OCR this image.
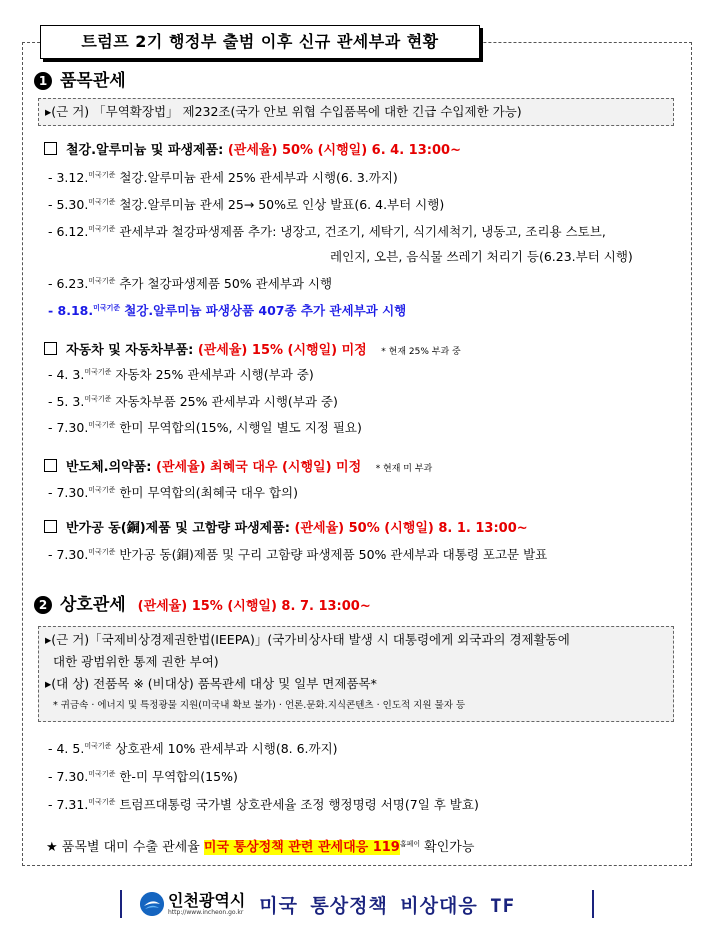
트럼프 2기 행정부 출범 이후 신규 관세부과 현황
1 품목관세
▸(근 거) 「무역확장법」 제232조(국가 안보 위협 수입품목에 대한 긴급 수입제한 가능)
철강.알루미늄 및 파생제품: (관세율) 50% (시행일) 6. 4. 13:00~
- 3.12.$^{미국기준}$ 철강.알루미늄 관세 25% 관세부과 시행(6. 3.까지)
- 5.30.$^{미국기준}$ 철강.알루미늄 관세 25→ 50%로 인상 발표(6. 4.부터 시행)
- 6.12.$^{미국기준}$ 관세부과 철강파생제품 추가: 냉장고, 건조기, 세탁기, 식기세척기, 냉동고, 조리용 스토브,
레인지, 오븐, 음식물 쓰레기 처리기 등(6.23.부터 시행)
- 6.23.$^{미국기준}$ 추가 철강파생제품 50% 관세부과 시행
- 8.18.$^{미국기준}$ 철강.알루미늄 파생상품 407종 추가 관세부과 시행
자동차 및 자동차부품: (관세율) 15% (시행일) 미정 * 현재 25% 부과 중
- 4. 3.$^{미국기준}$ 자동차 25% 관세부과 시행(부과 중)
- 5. 3.$^{미국기준}$ 자동차부품 25% 관세부과 시행(부과 중)
- 7.30.$^{미국기준}$ 한미 무역합의(15%, 시행일 별도 지정 필요)
반도체.의약품: (관세율) 최혜국 대우 (시행일) 미정 * 현재 미 부과
- 7.30.$^{미국기준}$ 한미 무역합의(최혜국 대우 합의)
반가공 동(銅)제품 및 고함량 파생제품: (관세율) 50% (시행일) 8. 1. 13:00~
- 7.30.$^{미국기준}$ 반가공 동(銅)제품 및 구리 고함량 파생제품 50% 관세부과 대통령 포고문 발표
2 상호관세 (관세율) 15% (시행일) 8. 7. 13:00~
▸(근 거)「국제비상경제권한법(IEEPA)」(국가비상사태 발생 시 대통령에게 외국과의 경제활동에
대한 광범위한 통제 권한 부여)
▸(대 상) 전품목 ※ (비대상) 품목관세 대상 및 일부 면제품목*
* 귀금속 · 에너지 및 특정광물 지원(미국내 확보 불가) · 언론.문화.지식콘텐츠 · 인도적 지원 물자 등
- 4. 5.$^{미국기준}$ 상호관세 10% 관세부과 시행(8. 6.까지)
- 7.30.$^{미국기준}$ 한-미 무역합의(15%)
- 7.31.$^{미국기준}$ 트럼프대통령 국가별 상호관세율 조정 행정명령 서명(7일 후 발효)
★ 품목별 대미 수출 관세율 미국 통상정책 관련 관세대응 $119^{홈페이}$ 확인가능
인천광역시
http://www.incheon.go.kr 미국 통상정책 비상대응 TF
